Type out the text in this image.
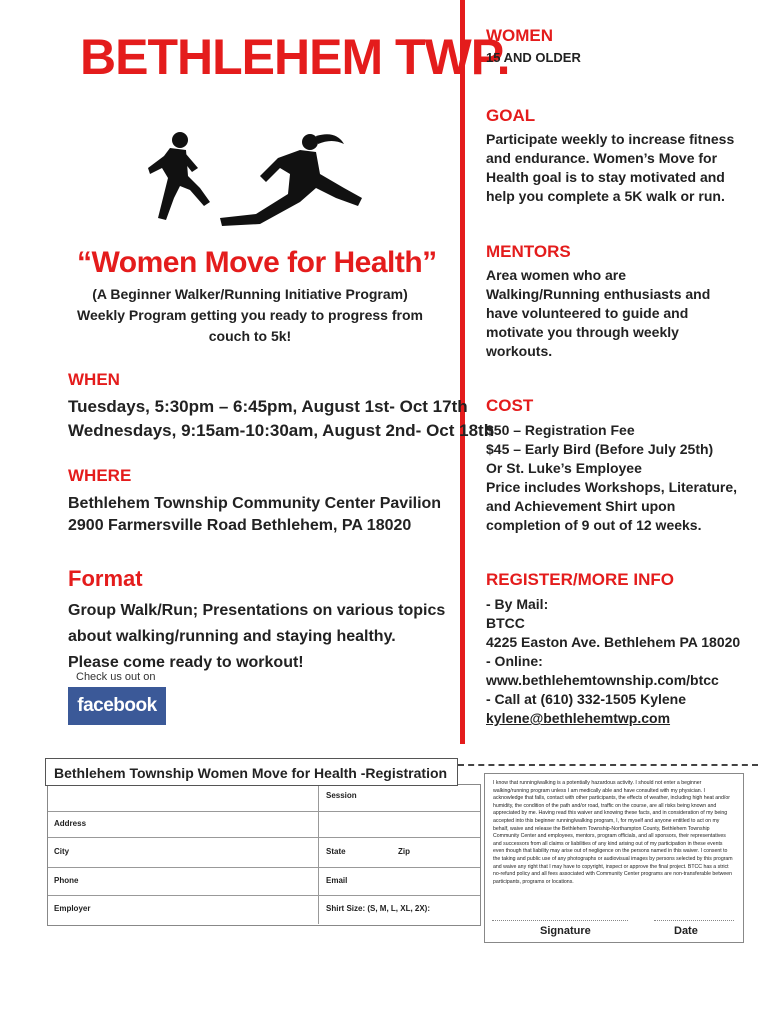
BETHLEHEM TWP.
“Women Move for Health”
(A Beginner Walker/Running Initiative Program)
Weekly Program getting you ready to progress from
couch to 5k!
WHEN
Tuesdays, 5:30pm – 6:45pm, August 1st- Oct 17th
Wednesdays, 9:15am-10:30am, August 2nd- Oct 18th
WHERE
Bethlehem Township Community Center Pavilion
2900 Farmersville Road Bethlehem, PA 18020
Format
Group Walk/Run; Presentations on various topics
about walking/running and staying healthy.
Please come ready to workout!
Check us out on
facebook
WOMEN
15 AND OLDER
GOAL
Participate weekly to increase fitness
and endurance. Women’s Move for
Health goal is to stay motivated and
help you complete a 5K walk or run.
MENTORS
Area women who are
Walking/Running enthusiasts and
have volunteered to guide and
motivate you through weekly
workouts.
COST
$50 – Registration Fee
$45 – Early Bird (Before July 25th)
Or St. Luke’s Employee
Price includes Workshops, Literature,
and Achievement Shirt upon
completion of 9 out of 12 weeks.
REGISTER/MORE INFO
- By Mail:
BTCC
4225 Easton Ave. Bethlehem PA 18020
- Online:
www.bethlehemtownship.com/btcc
- Call at (610) 332-1505 Kylene
kylene@bethlehemtwp.com
Session
Address
City	State	Zip
Phone	Email
Employer	Shirt Size: (S, M, L, XL, 2X):
Bethlehem Township Women Move for Health -Registration
I know that running/walking is a potentially hazardous activity. I should not enter a beginner walking/running program unless I am medically able and have consulted with my physician. I acknowledge that falls, contact with other participants, the effects of weather, including high heat and/or humidity, the condition of the path and/or road, traffic on the course, are all risks being known and appreciated by me. Having read this waiver and knowing these facts, and in consideration of my being accepted into this beginner running/walking program, I, for myself and anyone entitled to act on my behalf, waive and release the Bethlehem Township-Northampton County, Bethlehem Township Community Center and employees, mentors, program officials, and all sponsors, their representatives and successors from all claims or liabilities of any kind arising out of my participation in these events even though that liability may arise out of negligence on the persons named in this waiver. I consent to the taking and public use of any photographs or audiovisual images by persons selected by this program and waive any right that I may have to copyright, inspect or approve the final project. BTCC has a strict no-refund policy and all fees associated with Community Center programs are non-transferable between participants, programs or locations.
Signature	Date
